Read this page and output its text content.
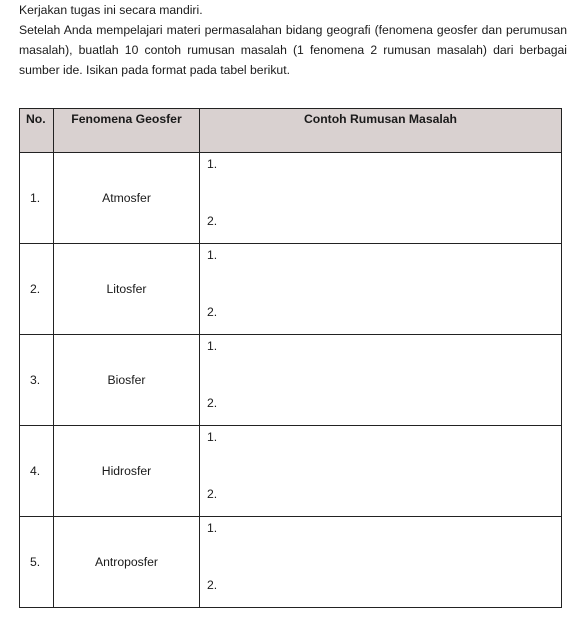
Kerjakan tugas ini secara mandiri.

Setelah Anda mempelajari materi permasalahan bidang geografi (fenomena geosfer dan perumusan masalah), buatlah 10 contoh rumusan masalah (1 fenomena 2 rumusan masalah) dari berbagai sumber ide. Isikan pada format pada tabel berikut.

No.	Fenomena Geosfer	Contoh Rumusan Masalah
1.	Atmosfer	1.
2.

2.	Litosfer	1.
2.

3.	Biosfer	1.
2.

4.	Hidrosfer	1.
2.

5.	Antroposfer	1.
2.
